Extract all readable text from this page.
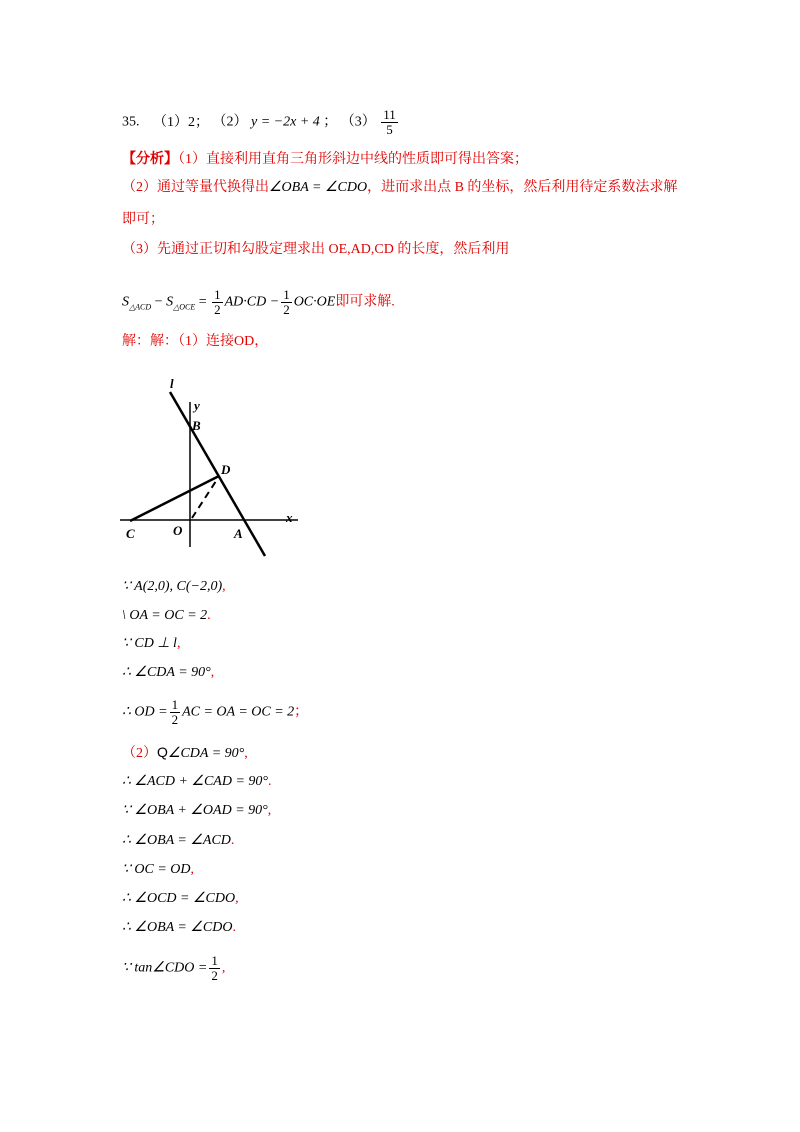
35. （1）2； （2） y = −2x + 4 ； $(3) \frac{11}{5}$
【分析】（1）直接利用直角三角形斜边中线的性质即可得出答案；
（2）通过等量代换得出∠OBA = ∠CDO，进而求出点 B 的坐标，然后利用待定系数法求解
即可；
（3）先通过正切和勾股定理求出 OE,AD,CD 的长度，然后利用
$S_{\triangle ACD} - S_{\triangle OCE} = \frac{1}{2} AD\cdot CD - \frac{1}{2} OC\cdot OE$即可求解.
解：解：（1）连接OD，
l
y
B
D
x
C	O	A
∵ A(2,0), C(−2,0),
\ OA = OC = 2.
∵ CD ⊥ l,
∴ ∠CDA = 90°,
∴ OD = $\frac{1}{2}$ AC = OA = OC = 2；
（2）Q∠CDA = 90°,
∴ ∠ACD + ∠CAD = 90°.
∵ ∠OBA + ∠OAD = 90°,
∴ ∠OBA = ∠ACD.
∵ OC = OD,
∴ ∠OCD = ∠CDO,
∴ ∠OBA = ∠CDO.
∵ tan∠CDO = $\frac{1}{2}$ ,
